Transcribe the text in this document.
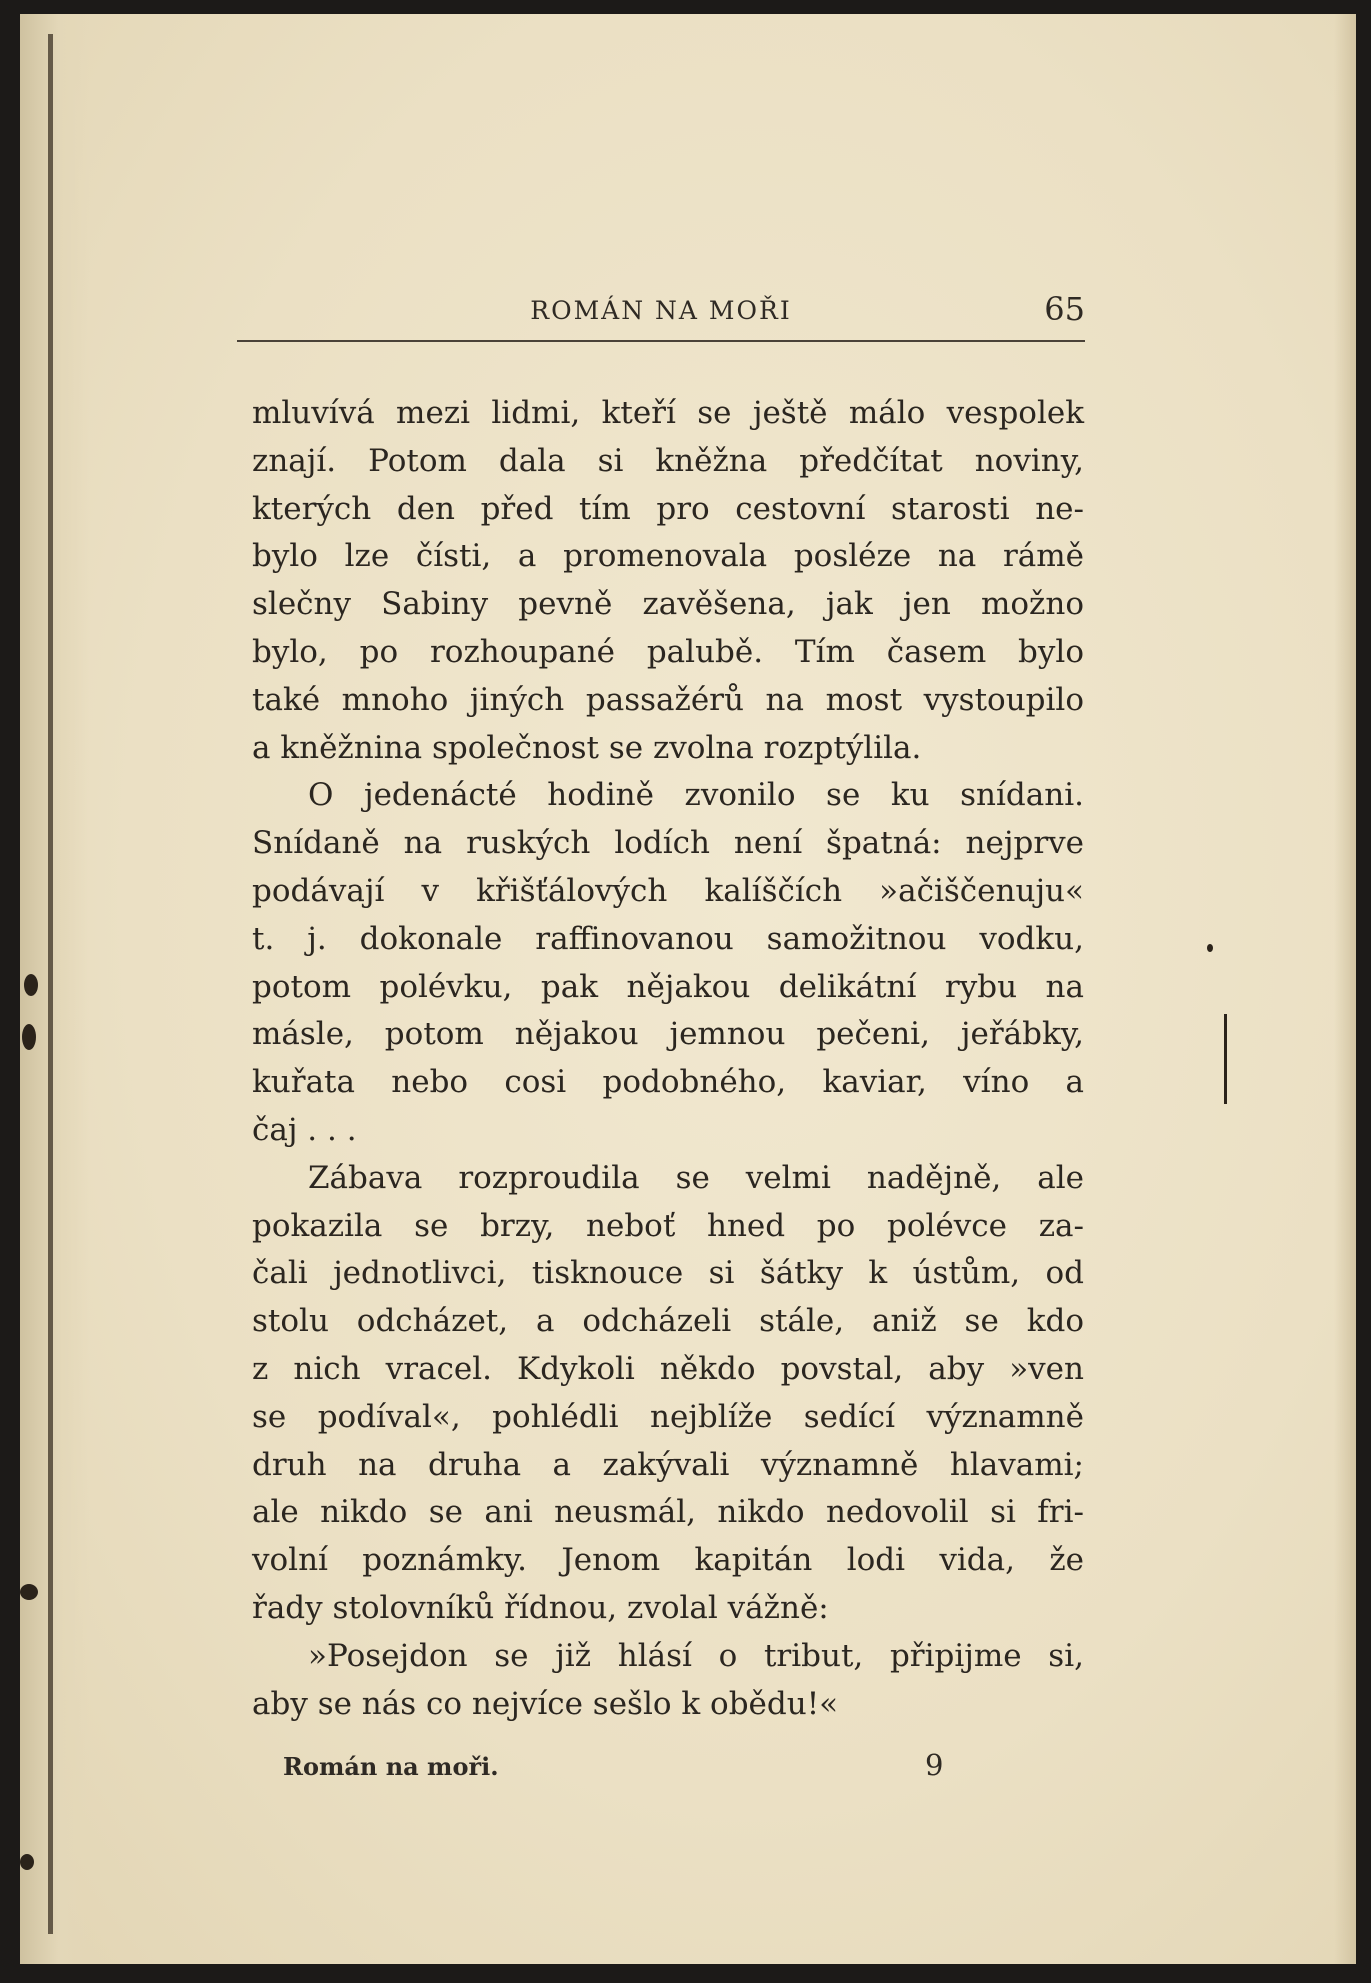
ROMÁN NA MOŘI	65

mluvívá mezi lidmi, kteří se ještě málo vespolek
znají. Potom dala si kněžna předčítat noviny,
kterých den před tím pro cestovní starosti ne-
bylo lze čísti, a promenovala posléze na rámě
slečny Sabiny pevně zavěšena, jak jen možno
bylo, po rozhoupané palubě. Tím časem bylo
také mnoho jiných passažérů na most vystoupilo
a kněžnina společnost se zvolna rozptýlila.

O jedenácté hodině zvonilo se ku snídani.
Snídaně na ruských lodích není špatná: nejprve
podávají v křišťálových kalíščích »ačiščenuju«
t. j. dokonale raffinovanou samožitnou vodku,
potom polévku, pak nějakou delikátní rybu na
másle, potom nějakou jemnou pečeni, jeřábky,
kuřata nebo cosi podobného, kaviar, víno a
čaj . . .

Zábava rozproudila se velmi nadějně, ale
pokazila se brzy, neboť hned po polévce za-
čali jednotlivci, tisknouce si šátky k ústům, od
stolu odcházet, a odcházeli stále, aniž se kdo
z nich vracel. Kdykoli někdo povstal, aby »ven
se podíval«, pohlédli nejblíže sedící významně
druh na druha a zakývali významně hlavami;
ale nikdo se ani neusmál, nikdo nedovolil si fri-
volní poznámky. Jenom kapitán lodi vida, že
řady stolovníků řídnou, zvolal vážně:

»Posejdon se již hlásí o tribut, připijme si,
aby se nás co nejvíce sešlo k obědu!«

Román na moři.	9
